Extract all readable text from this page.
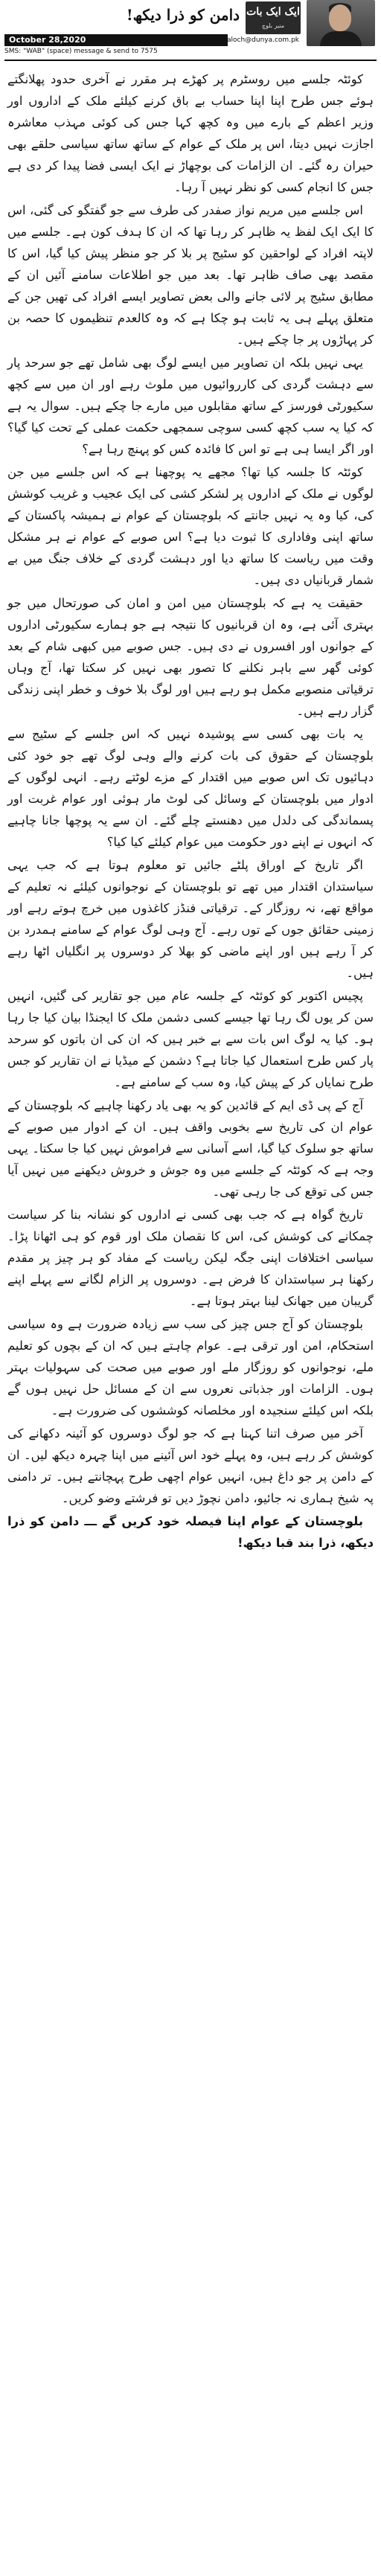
دامن کو ذرا دیکھ! ایک ایک بات
منیر بلوچ
October 28,2020	munir.baloch@dunya.com.pk
SMS: "WAB" (space) message & send to 7575

کوئٹہ جلسے میں روسٹرم پر کھڑے ہر مقرر نے آخری حدود پھلانگتے ہوئے جس طرح اپنا اپنا حساب بے باق کرنے کیلئے ملک کے اداروں اور وزیر اعظم کے بارے میں وہ کچھ کہا جس کی کوئی مہذب معاشرہ اجازت نہیں دیتا، اس پر ملک کے عوام کے ساتھ ساتھ سیاسی حلقے بھی حیران رہ گئے۔ ان الزامات کی بوچھاڑ نے ایک ایسی فضا پیدا کر دی ہے جس کا انجام کسی کو نظر نہیں آ رہا۔

اس جلسے میں مریم نواز صفدر کی طرف سے جو گفتگو کی گئی، اس کا ایک ایک لفظ یہ ظاہر کر رہا تھا کہ ان کا ہدف کون ہے۔ جلسے میں لاپتہ افراد کے لواحقین کو سٹیج پر بلا کر جو منظر پیش کیا گیا، اس کا مقصد بھی صاف ظاہر تھا۔ بعد میں جو اطلاعات سامنے آئیں ان کے مطابق سٹیج پر لائی جانے والی بعض تصاویر ایسے افراد کی تھیں جن کے متعلق پہلے ہی یہ ثابت ہو چکا ہے کہ وہ کالعدم تنظیموں کا حصہ بن کر پہاڑوں پر جا چکے ہیں۔

یہی نہیں بلکہ ان تصاویر میں ایسے لوگ بھی شامل تھے جو سرحد پار سے دہشت گردی کی کارروائیوں میں ملوث رہے اور ان میں سے کچھ سکیورٹی فورسز کے ساتھ مقابلوں میں مارے جا چکے ہیں۔ سوال یہ ہے کہ کیا یہ سب کچھ کسی سوچی سمجھی حکمت عملی کے تحت کیا گیا؟ اور اگر ایسا ہی ہے تو اس کا فائدہ کس کو پہنچ رہا ہے؟

کوئٹہ کا جلسہ کیا تھا؟ مجھے یہ پوچھنا ہے کہ اس جلسے میں جن لوگوں نے ملک کے اداروں پر لشکر کشی کی ایک عجیب و غریب کوشش کی، کیا وہ یہ نہیں جانتے کہ بلوچستان کے عوام نے ہمیشہ پاکستان کے ساتھ اپنی وفاداری کا ثبوت دیا ہے؟ اس صوبے کے عوام نے ہر مشکل وقت میں ریاست کا ساتھ دیا اور دہشت گردی کے خلاف جنگ میں بے شمار قربانیاں دی ہیں۔

حقیقت یہ ہے کہ بلوچستان میں امن و امان کی صورتحال میں جو بہتری آئی ہے، وہ ان قربانیوں کا نتیجہ ہے جو ہمارے سکیورٹی اداروں کے جوانوں اور افسروں نے دی ہیں۔ جس صوبے میں کبھی شام کے بعد کوئی گھر سے باہر نکلنے کا تصور بھی نہیں کر سکتا تھا، آج وہاں ترقیاتی منصوبے مکمل ہو رہے ہیں اور لوگ بلا خوف و خطر اپنی زندگی گزار رہے ہیں۔

یہ بات بھی کسی سے پوشیدہ نہیں کہ اس جلسے کے سٹیج سے بلوچستان کے حقوق کی بات کرنے والے وہی لوگ تھے جو خود کئی دہائیوں تک اس صوبے میں اقتدار کے مزے لوٹتے رہے۔ انہی لوگوں کے ادوار میں بلوچستان کے وسائل کی لوٹ مار ہوئی اور عوام غربت اور پسماندگی کی دلدل میں دھنستے چلے گئے۔ ان سے یہ پوچھا جانا چاہیے کہ انہوں نے اپنے دور حکومت میں عوام کیلئے کیا کیا؟

اگر تاریخ کے اوراق پلٹے جائیں تو معلوم ہوتا ہے کہ جب یہی سیاستدان اقتدار میں تھے تو بلوچستان کے نوجوانوں کیلئے نہ تعلیم کے مواقع تھے، نہ روزگار کے۔ ترقیاتی فنڈز کاغذوں میں خرچ ہوتے رہے اور زمینی حقائق جوں کے توں رہے۔ آج وہی لوگ عوام کے سامنے ہمدرد بن کر آ رہے ہیں اور اپنے ماضی کو بھلا کر دوسروں پر انگلیاں اٹھا رہے ہیں۔

پچیس اکتوبر کو کوئٹہ کے جلسہ عام میں جو تقاریر کی گئیں، انہیں سن کر یوں لگ رہا تھا جیسے کسی دشمن ملک کا ایجنڈا بیان کیا جا رہا ہو۔ کیا یہ لوگ اس بات سے بے خبر ہیں کہ ان کی ان باتوں کو سرحد پار کس طرح استعمال کیا جاتا ہے؟ دشمن کے میڈیا نے ان تقاریر کو جس طرح نمایاں کر کے پیش کیا، وہ سب کے سامنے ہے۔

آج کے پی ڈی ایم کے قائدین کو یہ بھی یاد رکھنا چاہیے کہ بلوچستان کے عوام ان کی تاریخ سے بخوبی واقف ہیں۔ ان کے ادوار میں صوبے کے ساتھ جو سلوک کیا گیا، اسے آسانی سے فراموش نہیں کیا جا سکتا۔ یہی وجہ ہے کہ کوئٹہ کے جلسے میں وہ جوش و خروش دیکھنے میں نہیں آیا جس کی توقع کی جا رہی تھی۔

تاریخ گواہ ہے کہ جب بھی کسی نے اداروں کو نشانہ بنا کر سیاست چمکانے کی کوشش کی، اس کا نقصان ملک اور قوم کو ہی اٹھانا پڑا۔ سیاسی اختلافات اپنی جگہ لیکن ریاست کے مفاد کو ہر چیز پر مقدم رکھنا ہر سیاستدان کا فرض ہے۔ دوسروں پر الزام لگانے سے پہلے اپنے گریبان میں جھانک لینا بہتر ہوتا ہے۔

بلوچستان کو آج جس چیز کی سب سے زیادہ ضرورت ہے وہ سیاسی استحکام، امن اور ترقی ہے۔ عوام چاہتے ہیں کہ ان کے بچوں کو تعلیم ملے، نوجوانوں کو روزگار ملے اور صوبے میں صحت کی سہولیات بہتر ہوں۔ الزامات اور جذباتی نعروں سے ان کے مسائل حل نہیں ہوں گے بلکہ اس کیلئے سنجیدہ اور مخلصانہ کوششوں کی ضرورت ہے۔

آخر میں صرف اتنا کہنا ہے کہ جو لوگ دوسروں کو آئینہ دکھانے کی کوشش کر رہے ہیں، وہ پہلے خود اس آئینے میں اپنا چہرہ دیکھ لیں۔ ان کے دامن پر جو داغ ہیں، انہیں عوام اچھی طرح پہچانتے ہیں۔ تر دامنی پہ شیخ ہماری نہ جائیو، دامن نچوڑ دیں تو فرشتے وضو کریں۔

بلوچستان کے عوام اپنا فیصلہ خود کریں گے ـــ دامن کو ذرا دیکھ، ذرا بند قبا دیکھ!
